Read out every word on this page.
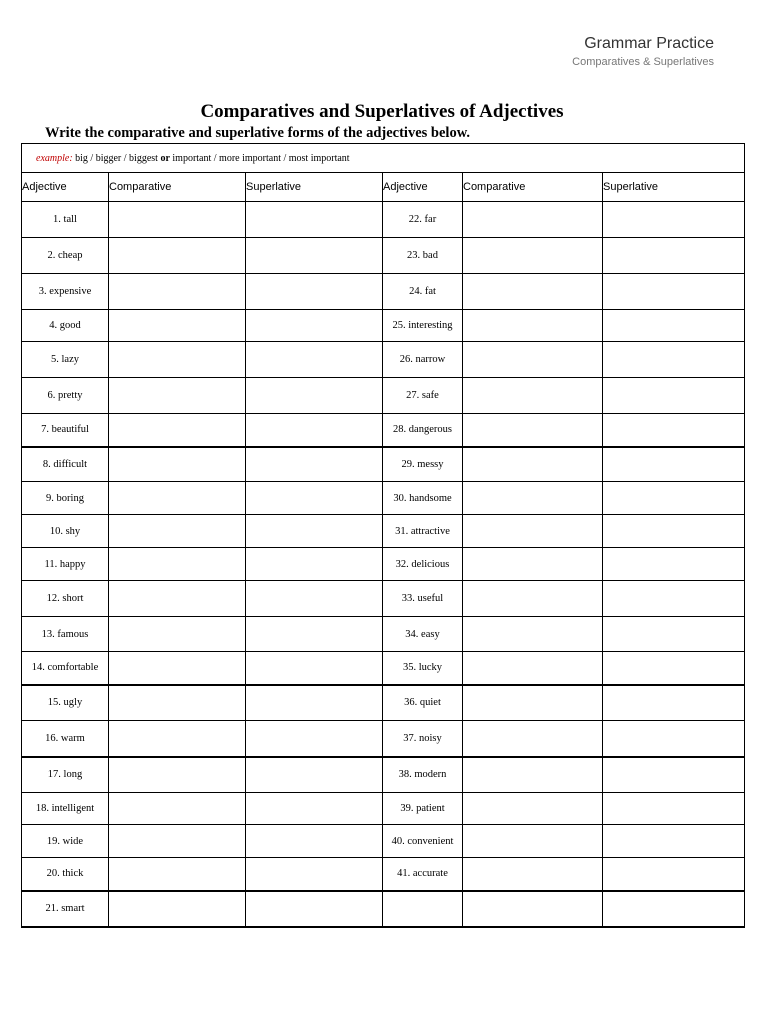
Grammar Practice
Comparatives & Superlatives
Comparatives and Superlatives of Adjectives

Write the comparative and superlative forms of the adjectives below.

example: big / bigger / biggest or important / more important / most important					
Adjective	Comparative	Superlative	Adjective	Comparative	Superlative
1. tall			22. far		
2. cheap			23. bad		
3. expensive			24. fat		
4. good			25. interesting		
5. lazy			26. narrow		
6. pretty			27. safe		
7. beautiful			28. dangerous		
8. difficult			29. messy		
9. boring			30. handsome		
10. shy			31. attractive		
11. happy			32. delicious		
12. short			33. useful		
13. famous			34. easy		
14. comfortable			35. lucky		
15. ugly			36. quiet		
16. warm			37. noisy		
17. long			38. modern		
18. intelligent			39. patient		
19. wide			40. convenient		
20. thick			41. accurate		
21. smart					
